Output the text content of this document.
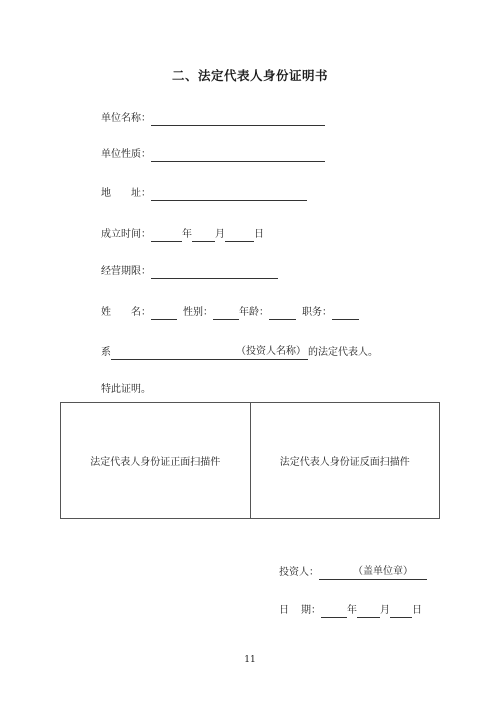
二、法定代表人身份证明书
单位名称：
单位性质：
地 址：
成立时间：	年 月	日
经营期限：
姓 名：	性别：	年龄：	职务：
系	（投资人名称） 的法定代表人。
特此证明。
法定代表人身份证正面扫描件	法定代表人身份证反面扫描件
投资人：	（盖单位章）
日 期：	年 月 日
11
